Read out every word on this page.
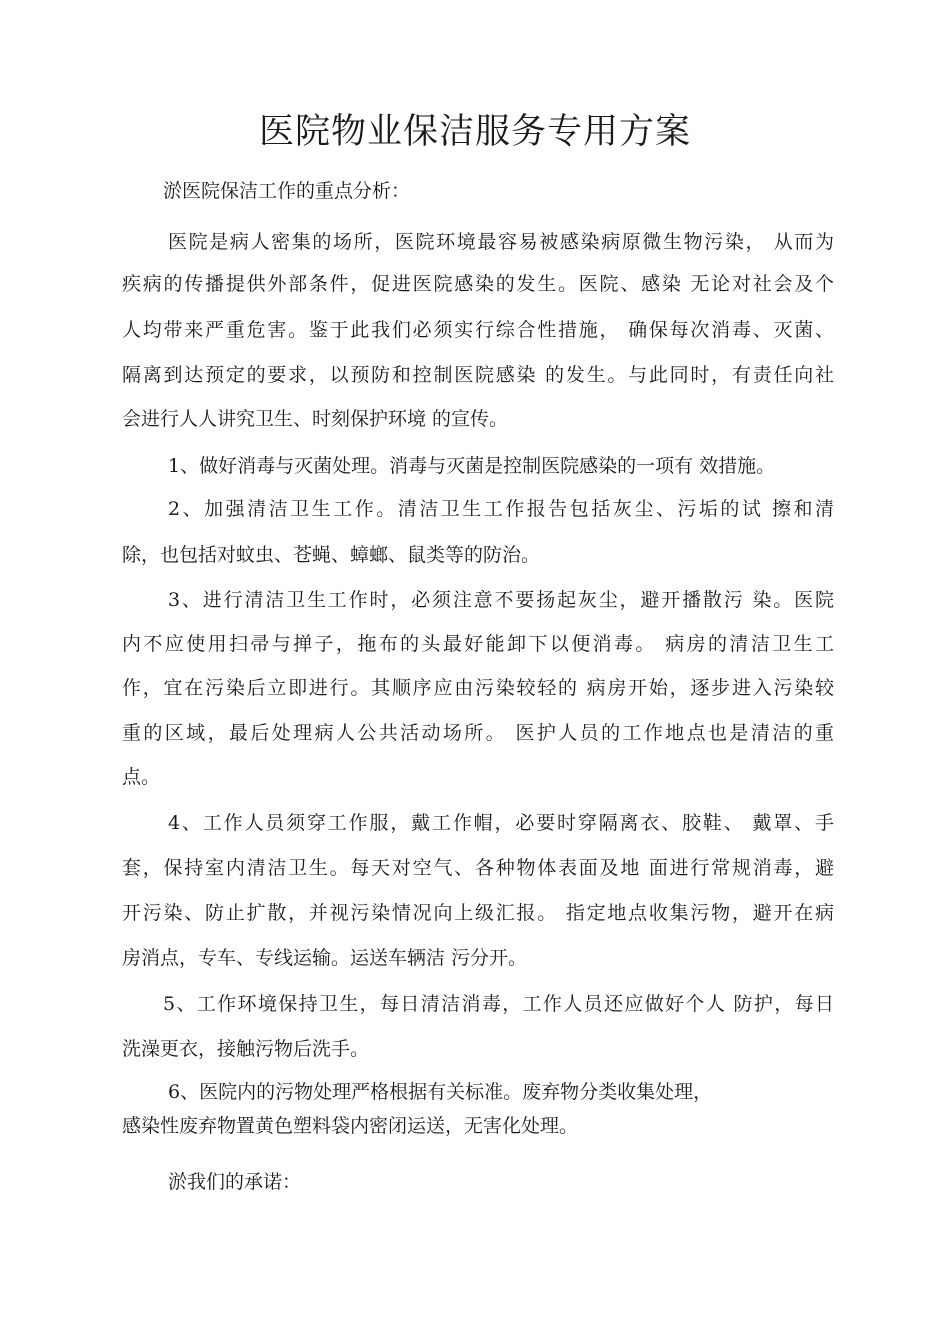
医院物业保洁服务专用方案
淤医院保洁工作的重点分析：
医院是病人密集的场所，医院环境最容易被感染病原微生物污染， 从而为
疾病的传播提供外部条件，促进医院感染的发生。医院、感染 无论对社会及个
人均带来严重危害。鉴于此我们必须实行综合性措施， 确保每次消毒、灭菌、
隔离到达预定的要求，以预防和控制医院感染 的发生。与此同时，有责任向社
会进行人人讲究卫生、时刻保护环境 的宣传。
1、做好消毒与灭菌处理。消毒与灭菌是控制医院感染的一项有 效措施。
2、加强清洁卫生工作。清洁卫生工作报告包括灰尘、污垢的试 擦和清
除，也包括对蚊虫、苍蝇、蟑螂、鼠类等的防治。
3、进行清洁卫生工作时，必须注意不要扬起灰尘，避开播散污 染。医院
内不应使用扫帚与掸子，拖布的头最好能卸下以便消毒。 病房的清洁卫生工
作，宜在污染后立即进行。其顺序应由污染较轻的 病房开始，逐步进入污染较
重的区域，最后处理病人公共活动场所。 医护人员的工作地点也是清洁的重
点。
4、工作人员须穿工作服，戴工作帽，必要时穿隔离衣、胶鞋、 戴罩、手
套，保持室内清洁卫生。每天对空气、各种物体表面及地 面进行常规消毒，避
开污染、防止扩散，并视污染情况向上级汇报。 指定地点收集污物，避开在病
房消点，专车、专线运输。运送车辆洁 污分开。
5、工作环境保持卫生，每日清洁消毒，工作人员还应做好个人 防护，每日
洗澡更衣，接触污物后洗手。
6、医院内的污物处理严格根据有关标准。废弃物分类收集处理，
感染性废弃物置黄色塑料袋内密闭运送，无害化处理。
淤我们的承诺：
